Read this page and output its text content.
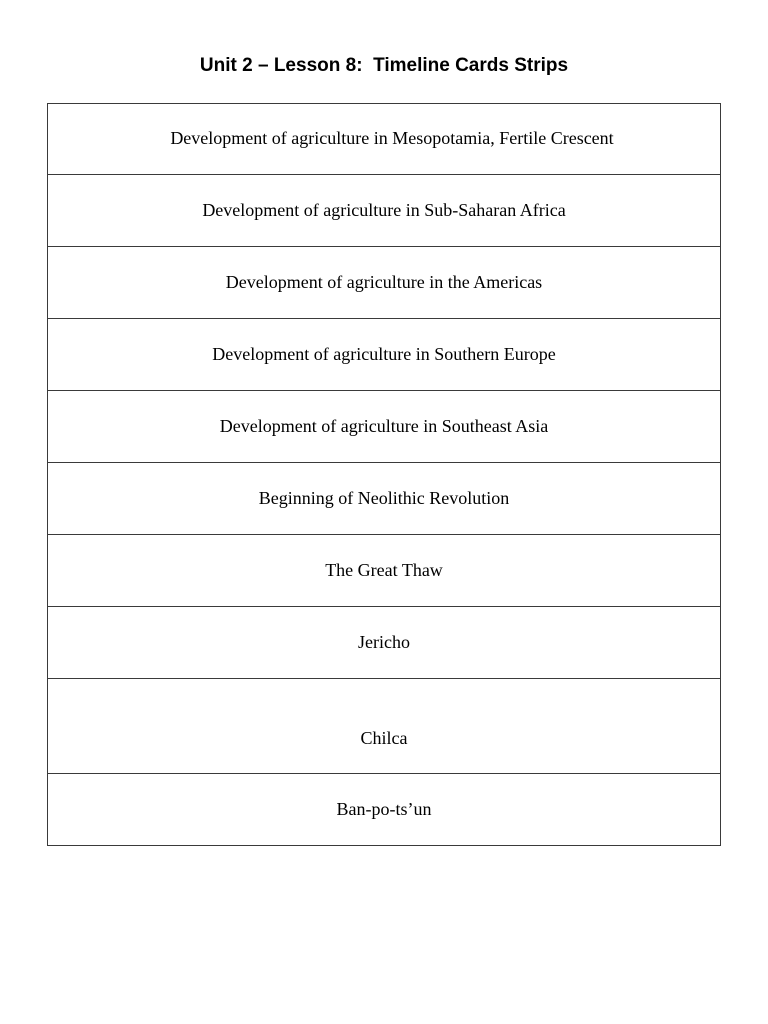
Unit 2 – Lesson 8:  Timeline Cards Strips
Development of agriculture in Mesopotamia, Fertile Crescent
Development of agriculture in Sub-Saharan Africa
Development of agriculture in the Americas
Development of agriculture in Southern Europe
Development of agriculture in Southeast Asia
Beginning of Neolithic Revolution
The Great Thaw
Jericho
Chilca
Ban-po-ts’un
